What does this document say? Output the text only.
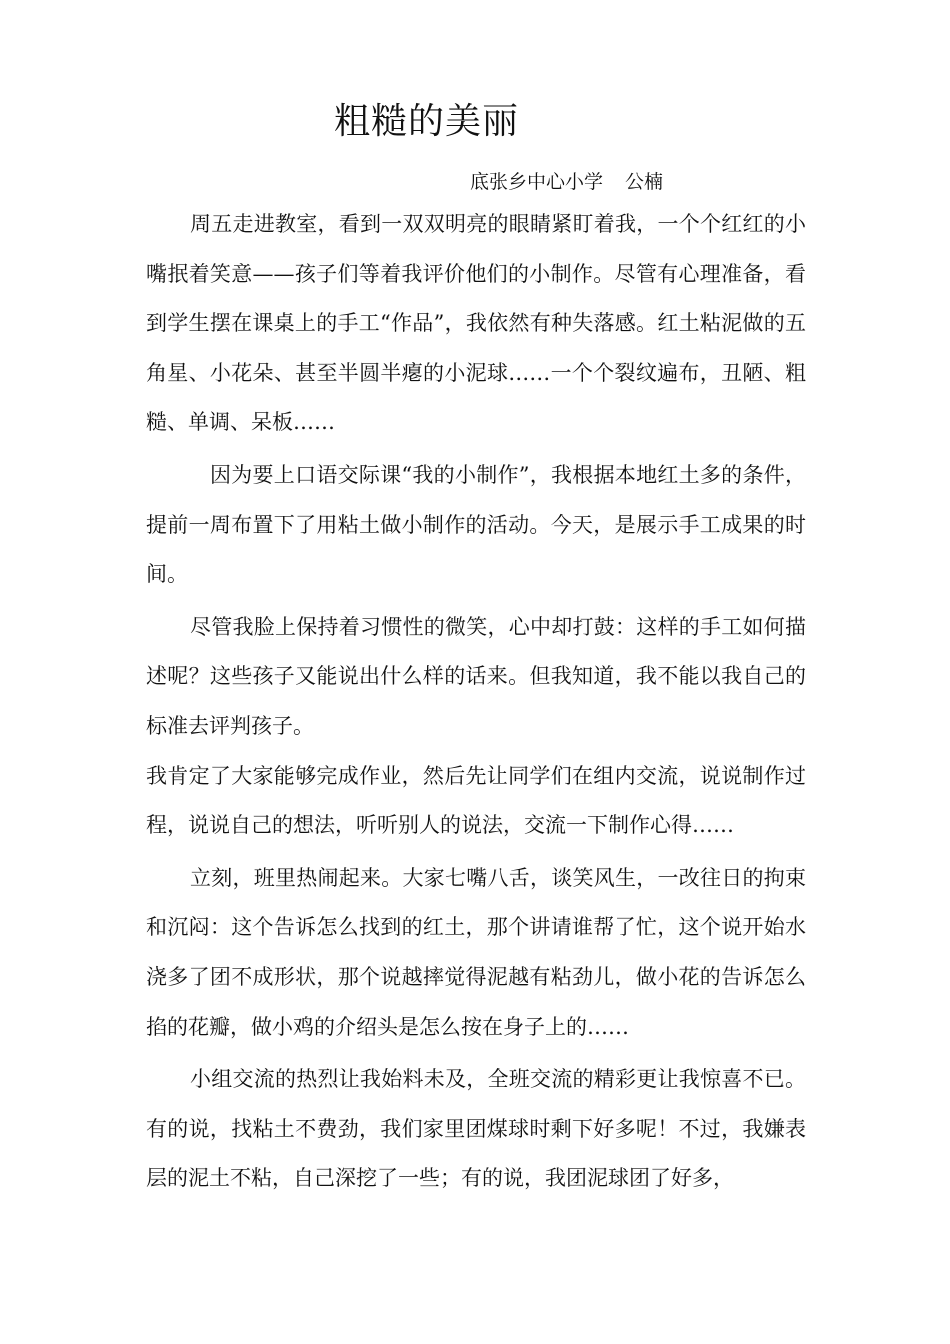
粗糙的美丽
底张乡中心小学 公楠

周五走进教室，看到一双双明亮的眼睛紧盯着我，一个个红红的小嘴抿着笑意——孩子们等着我评价他们的小制作。尽管有心理准备，看到学生摆在课桌上的手工“作品”，我依然有种失落感。红土粘泥做的五角星、小花朵、甚至半圆半瘪的小泥球……一个个裂纹遍布，丑陋、粗糙、单调、呆板……

因为要上口语交际课“我的小制作”，我根据本地红土多的条件，提前一周布置下了用粘土做小制作的活动。今天，是展示手工成果的时间。

尽管我脸上保持着习惯性的微笑，心中却打鼓：这样的手工如何描述呢？这些孩子又能说出什么样的话来。但我知道，我不能以我自己的标准去评判孩子。

我肯定了大家能够完成作业，然后先让同学们在组内交流，说说制作过程，说说自己的想法，听听别人的说法，交流一下制作心得……

立刻，班里热闹起来。大家七嘴八舌，谈笑风生，一改往日的拘束和沉闷：这个告诉怎么找到的红土，那个讲请谁帮了忙，这个说开始水浇多了团不成形状，那个说越摔觉得泥越有粘劲儿，做小花的告诉怎么掐的花瓣，做小鸡的介绍头是怎么按在身子上的……

小组交流的热烈让我始料未及，全班交流的精彩更让我惊喜不已。有的说，找粘土不费劲，我们家里团煤球时剩下好多呢！不过，我嫌表层的泥土不粘，自己深挖了一些；有的说，我团泥球团了好多，
